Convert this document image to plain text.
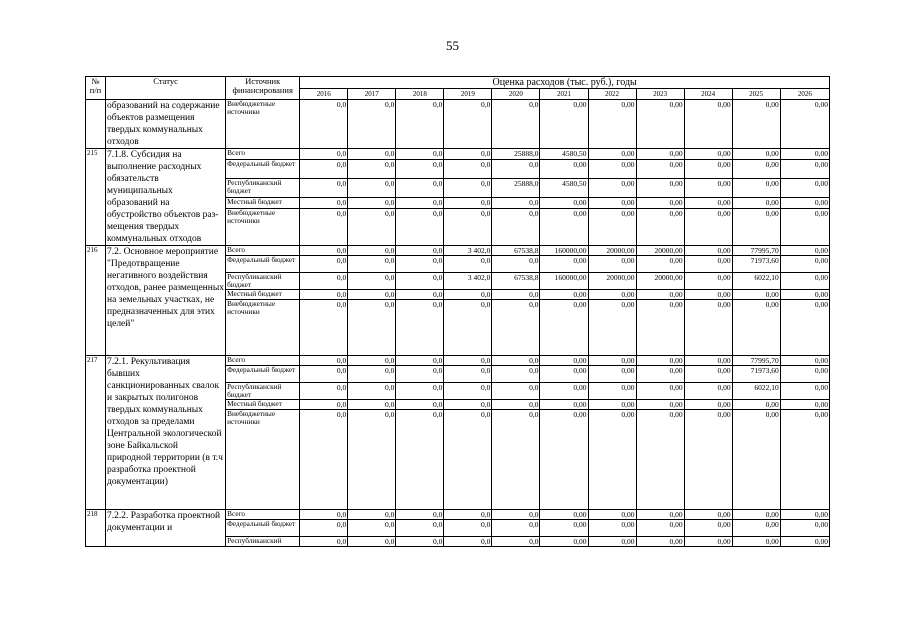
55
№ п/п	Статус	Источник финансирования	Оценка расходов (тыс. руб.), годы										
			2016	2017	2018	2019	2020	2021	2022	2023	2024	2025	2026
	образований на содержание объектов размещения твердых коммунальных отходов	Внебюджетные источники	0,0	0,0	0,0	0,0	0,0	0,00	0,00	0,00	0,00	0,00	0,00
215	7.1.8. Субсидия на выполнение расходных обязательств муниципальных образований на обустройство объектов раз-мещения твердых коммунальных отходов	Всего	0,0	0,0	0,0	0,0	25888,0	4580,50	0,00	0,00	0,00	0,00	0,00
		Федеральный бюджет	0,0	0,0	0,0	0,0	0,0	0,00	0,00	0,00	0,00	0,00	0,00
		Республиканский бюджет	0,0	0,0	0,0	0,0	25888,0	4580,50	0,00	0,00	0,00	0,00	0,00
		Местный бюджет	0,0	0,0	0,0	0,0	0,0	0,00	0,00	0,00	0,00	0,00	0,00
		Внебюджетные источники	0,0	0,0	0,0	0,0	0,0	0,00	0,00	0,00	0,00	0,00	0,00
216	7.2. Основное мероприятие "Предотвращение негативного воздействия отходов, ранее размещенных на земельных участках, не предназначенных для этих целей"	Всего	0,0	0,0	0,0	3 402,0	67538,8	160000,00	20000,00	20000,00	0,00	77995,70	0,00
		Федеральный бюджет	0,0	0,0	0,0	0,0	0,0	0,00	0,00	0,00	0,00	71973,60	0,00
		Республиканский бюджет	0,0	0,0	0,0	3 402,0	67538,8	160000,00	20000,00	20000,00	0,00	6022,10	0,00
		Местный бюджет	0,0	0,0	0,0	0,0	0,0	0,00	0,00	0,00	0,00	0,00	0,00
		Внебюджетные источники	0,0	0,0	0,0	0,0	0,0	0,00	0,00	0,00	0,00	0,00	0,00
217	7.2.1. Рекультивация бывших санкционированных свалок и закрытых полигонов твердых коммунальных отходов за пределами Центральной экологической зоне Байкальской природной территории (в т.ч разработка проектной документации)	Всего	0,0	0,0	0,0	0,0	0,0	0,00	0,00	0,00	0,00	77995,70	0,00
		Федеральный бюджет	0,0	0,0	0,0	0,0	0,0	0,00	0,00	0,00	0,00	71973,60	0,00
		Республиканский бюджет	0,0	0,0	0,0	0,0	0,0	0,00	0,00	0,00	0,00	6022,10	0,00
		Местный бюджет	0,0	0,0	0,0	0,0	0,0	0,00	0,00	0,00	0,00	0,00	0,00
		Внебюджетные источники	0,0	0,0	0,0	0,0	0,0	0,00	0,00	0,00	0,00	0,00	0,00
218	7.2.2. Разработка проектной документации и	Всего	0,0	0,0	0,0	0,0	0,0	0,00	0,00	0,00	0,00	0,00	0,00
		Федеральный бюджет	0,0	0,0	0,0	0,0	0,0	0,00	0,00	0,00	0,00	0,00	0,00
		Республиканский	0,0	0,0	0,0	0,0	0,0	0,00	0,00	0,00	0,00	0,00	0,00
